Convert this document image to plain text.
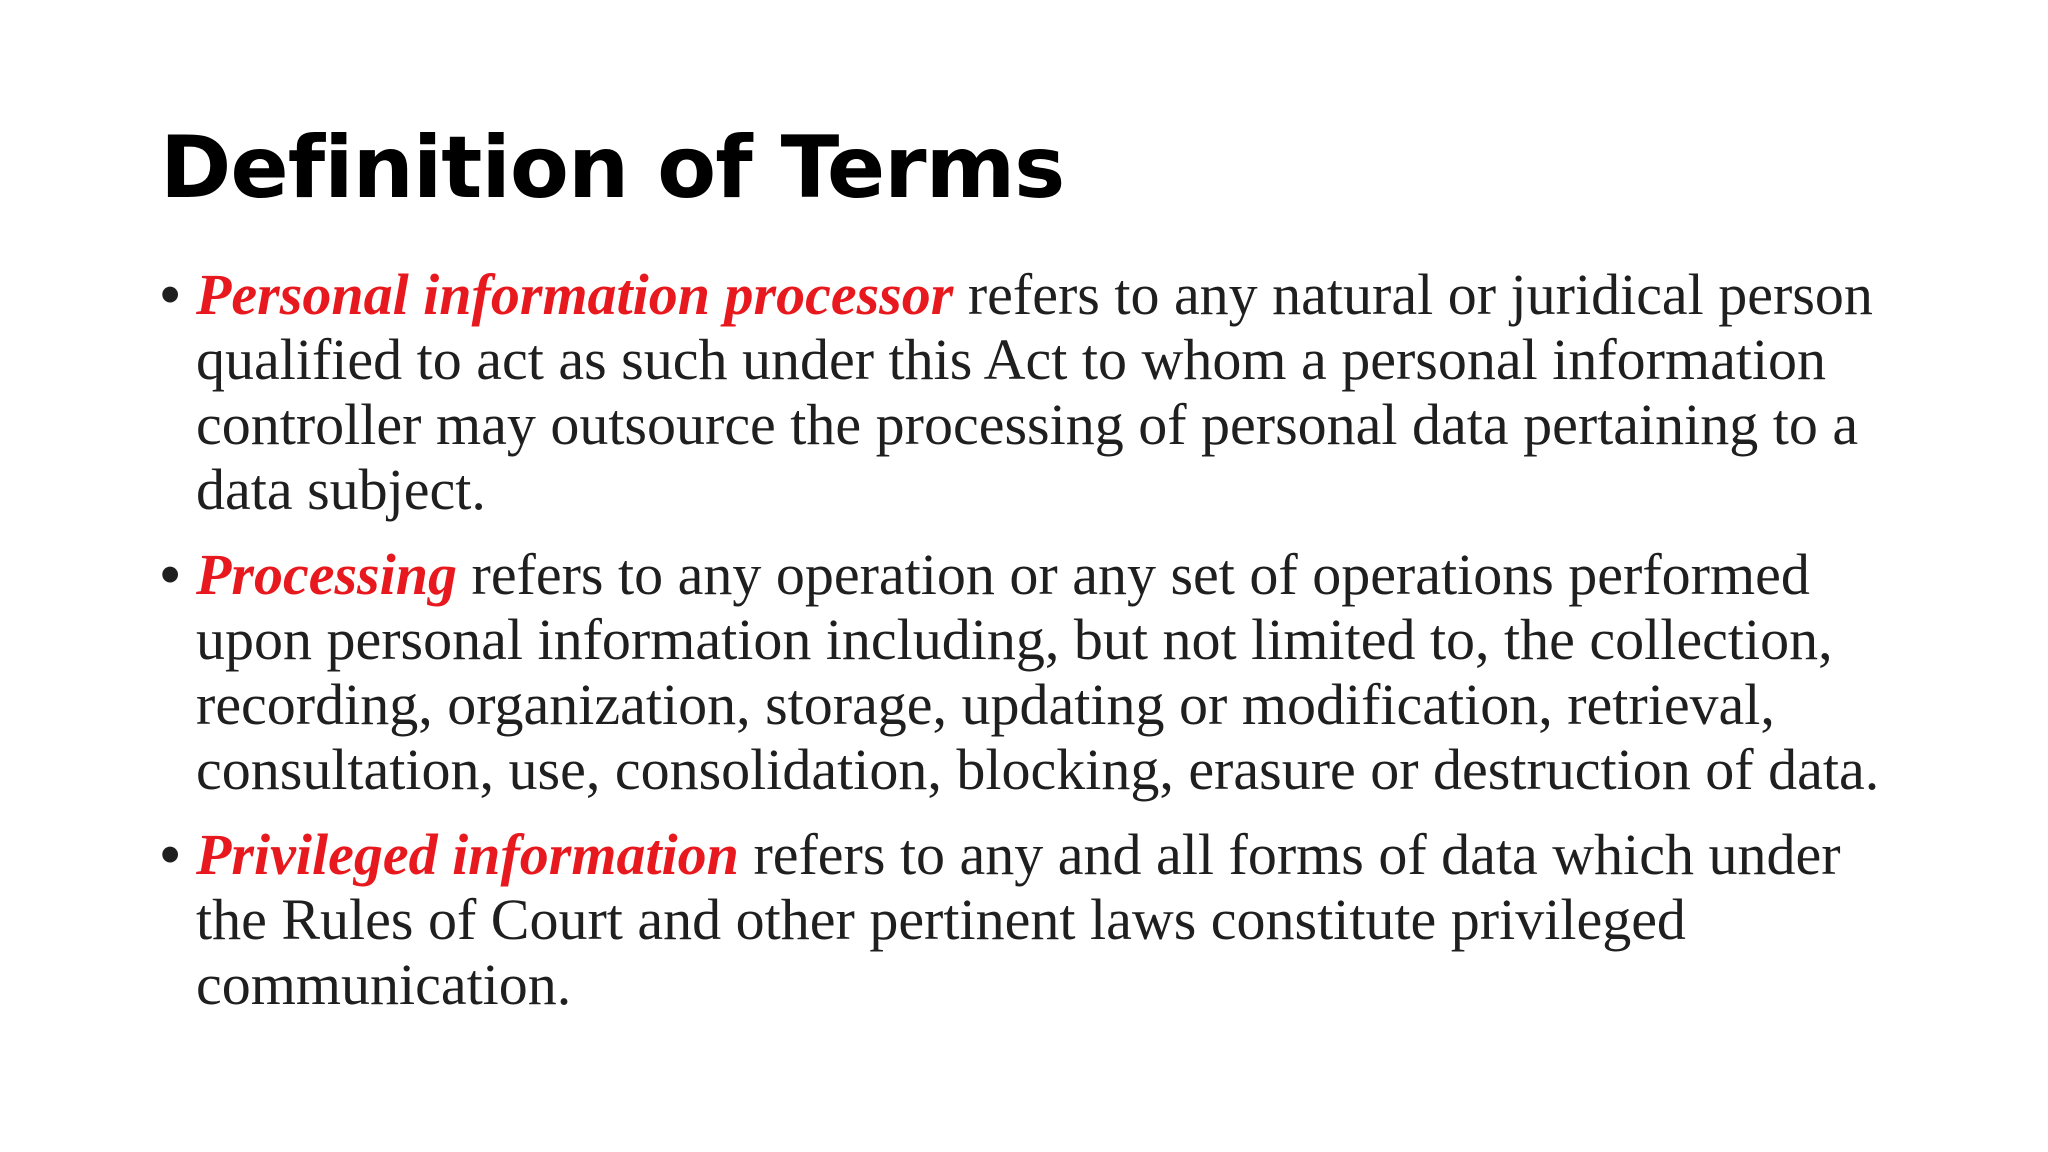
Definition of Terms
• Personal information processor refers to any natural or juridical person qualified to act as such under this Act to whom a personal information controller may outsource the processing of personal data pertaining to a data subject.
• Processing refers to any operation or any set of operations performed upon personal information including, but not limited to, the collection, recording, organization, storage, updating or modification, retrieval, consultation, use, consolidation, blocking, erasure or destruction of data.
• Privileged information refers to any and all forms of data which under the Rules of Court and other pertinent laws constitute privileged communication.
